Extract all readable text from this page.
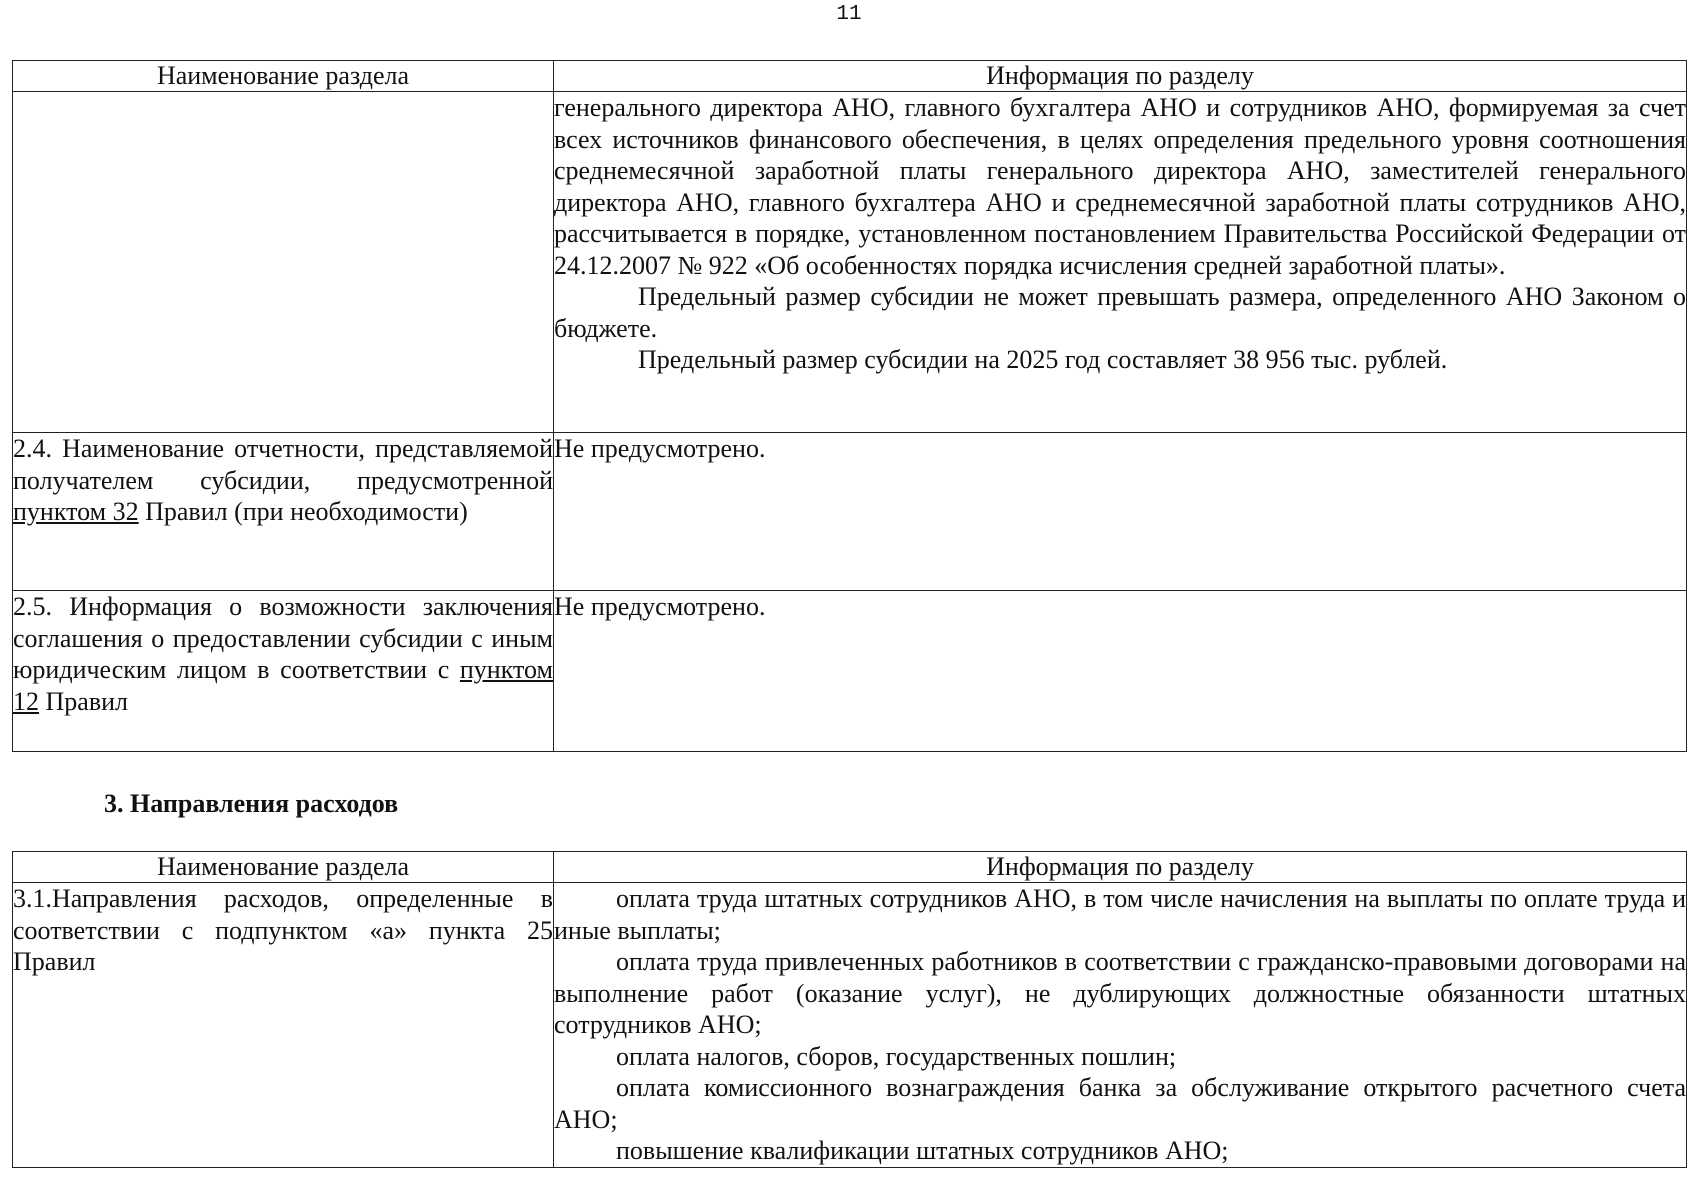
11
Наименование раздела	Информация по разделу

	генерального директора АНО, главного бухгалтера АНО и сотрудников АНО, формируемая за счет всех источников финансового обеспечения, в целях определения предельного уровня соотношения среднемесячной заработной платы генерального директора АНО, заместителей генерального директора АНО, главного бухгалтера АНО и среднемесячной заработной платы сотрудников АНО, рассчитывается в порядке, установленном постановлением Правительства Российской Федерации от 24.12.2007 № 922 «Об особенностях порядка исчисления средней заработной платы».

Предельный размер субсидии не может превышать размера, определенного АНО Законом о бюджете.

Предельный размер субсидии на 2025 год составляет 38 956 тыс. рублей.

2.4. Наименование отчетности, представляемой получателем субсидии, предусмотренной пунктом 32 Правил (при необходимости)	Не предусмотрено.
2.5. Информация о возможности заключения соглашения о предоставлении субсидии с иным юридическим лицом в соответствии с пунктом 12 Правил	Не предусмотрено.
3. Направления расходов
Наименование раздела	Информация по разделу
3.1.Направления расходов, определенные в соответствии с подпунктом «а» пункта 25 Правил	оплата труда штатных сотрудников АНО, в том числе начисления на выплаты по оплате труда и иные выплаты;

оплата труда привлеченных работников в соответствии с гражданско-правовыми договорами на выполнение работ (оказание услуг), не дублирующих должностные обязанности штатных сотрудников АНО;

оплата налогов, сборов, государственных пошлин;

оплата комиссионного вознаграждения банка за обслуживание открытого расчетного счета АНО;

повышение квалификации штатных сотрудников АНО;
